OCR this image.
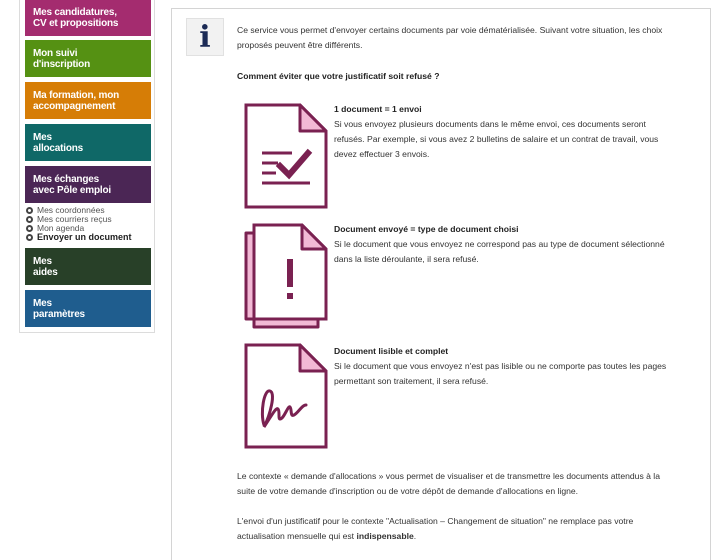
Mes candidatures,
CV et propositions
Mon suivi
d'inscription
Ma formation, mon
accompagnement
Mes
allocations
Mes échanges
avec Pôle emploi
Mes coordonnées
Mes courriers reçus
Mon agenda
Envoyer un document
Mes
aides
Mes
paramètres
i	Ce service vous permet d'envoyer certains documents par voie dématérialisée. Suivant votre situation, les choix
proposés peuvent être différents.
Comment éviter que votre justificatif soit refusé ?
1 document = 1 envoi
Si vous envoyez plusieurs documents dans le même envoi, ces documents seront
refusés. Par exemple, si vous avez 2 bulletins de salaire et un contrat de travail, vous
devez effectuer 3 envois.
Document envoyé = type de document choisi
Si le document que vous envoyez ne correspond pas au type de document sélectionné
dans la liste déroulante, il sera refusé.
Document lisible et complet
Si le document que vous envoyez n'est pas lisible ou ne comporte pas toutes les pages
permettant son traitement, il sera refusé.
Le contexte « demande d'allocations » vous permet de visualiser et de transmettre les documents attendus à la
suite de votre demande d'inscription ou de votre dépôt de demande d'allocations en ligne.
L'envoi d'un justificatif pour le contexte "Actualisation – Changement de situation" ne remplace pas votre
actualisation mensuelle qui est indispensable.
